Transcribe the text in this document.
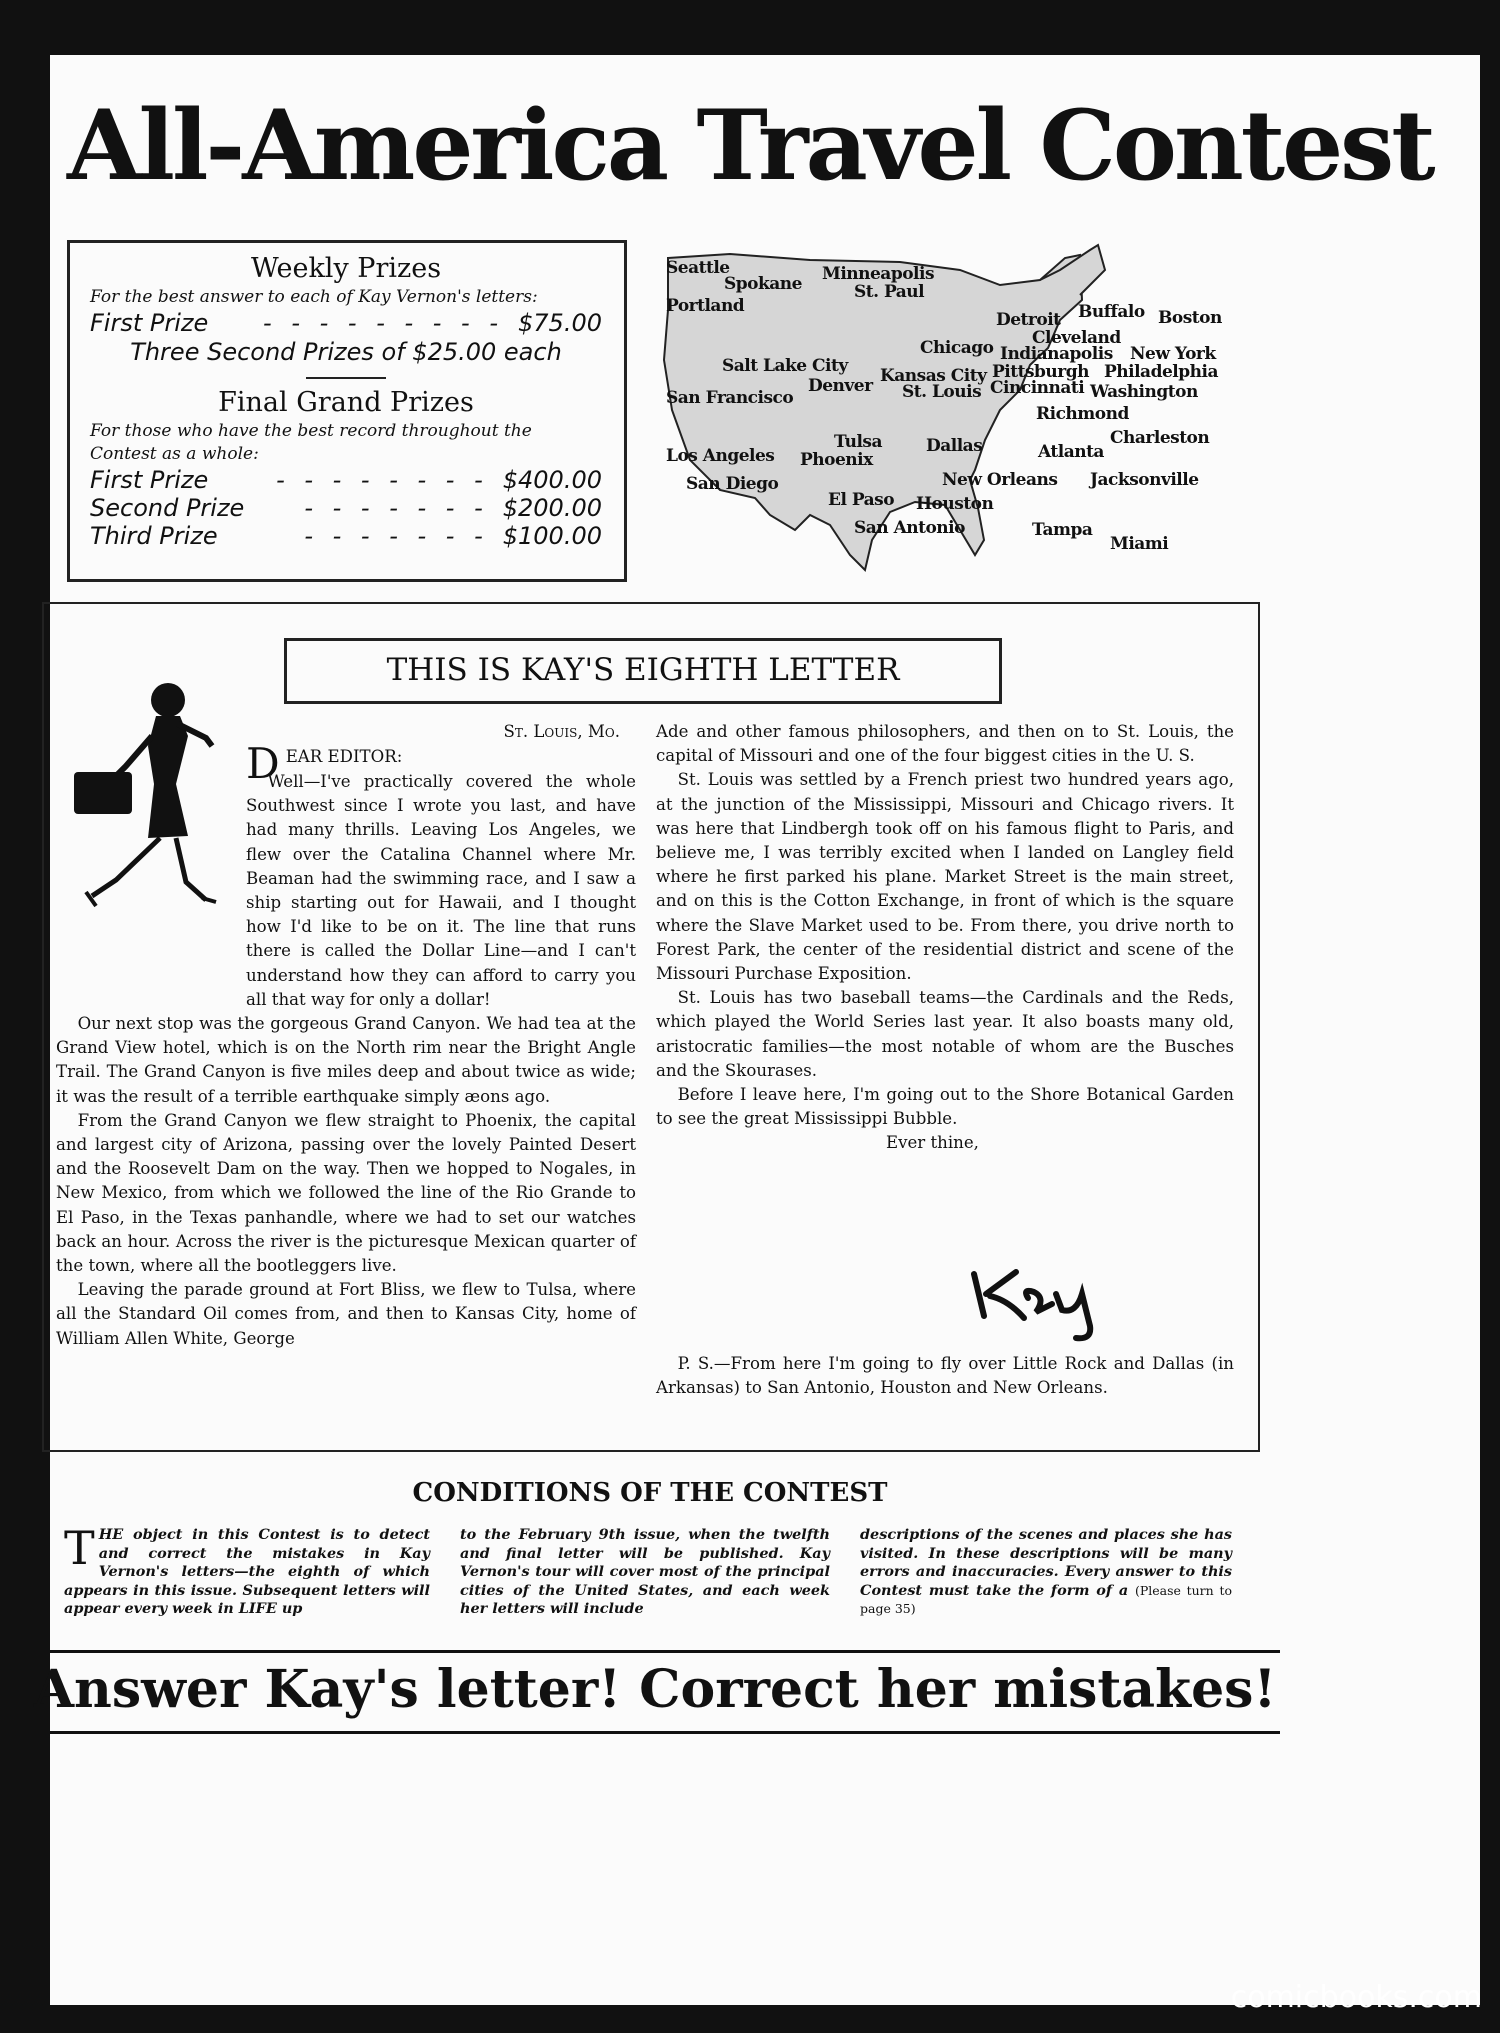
All-America Travel Contest
Weekly Prizes
For the best answer to each of Kay Vernon's letters:
First Prize	- - - - - - - - - $75.00
Three Second Prizes of $25.00 each
Final Grand Prizes
For those who have the best record throughout the Contest as a whole:
First Prize	- - - - - - - - $400.00
Second Prize	- - - - - - - $200.00
Third Prize	- - - - - - - $100.00
Seattle
Spokane Minneapolis
St. Paul
Portland
Detroit Buffalo Boston
Cleveland
Chicago Indianapolis New York
Salt Lake City Kansas City Pittsburgh Philadelphia
Denver
San Francisco	St. Louis Cincinnati Washington
Richmond
Tulsa	Charleston
Los Angeles Phoenix
Dallas	Atlanta
San Diego	New Orleans Jacksonville
El Paso Houston
San Antonio	Tampa
Miami
THIS IS KAY'S EIGHTH LETTER
St. Louis, Mo.

DEAR EDITOR:

Well—I've practically covered the whole Southwest since I wrote you last, and have had many thrills. Leaving Los Angeles, we flew over the Catalina Channel where Mr. Beaman had the swimming race, and I saw a ship starting out for Hawaii, and I thought how I'd like to be on it. The line that runs there is called the Dollar Line—and I can't understand how they can afford to carry you all that way for only a dollar!

Our next stop was the gorgeous Grand Canyon. We had tea at the Grand View hotel, which is on the North rim near the Bright Angle Trail. The Grand Canyon is five miles deep and about twice as wide; it was the result of a terrible earthquake simply æons ago.

From the Grand Canyon we flew straight to Phoenix, the capital and largest city of Arizona, passing over the lovely Painted Desert and the Roosevelt Dam on the way. Then we hopped to Nogales, in New Mexico, from which we followed the line of the Rio Grande to El Paso, in the Texas panhandle, where we had to set our watches back an hour. Across the river is the picturesque Mexican quarter of the town, where all the bootleggers live.

Leaving the parade ground at Fort Bliss, we flew to Tulsa, where all the Standard Oil comes from, and then to Kansas City, home of William Allen White, George

Ade and other famous philosophers, and then on to St. Louis, the capital of Missouri and one of the four biggest cities in the U. S.

St. Louis was settled by a French priest two hundred years ago, at the junction of the Mississippi, Missouri and Chicago rivers. It was here that Lindbergh took off on his famous flight to Paris, and believe me, I was terribly excited when I landed on Langley field where he first parked his plane. Market Street is the main street, and on this is the Cotton Exchange, in front of which is the square where the Slave Market used to be. From there, you drive north to Forest Park, the center of the residential district and scene of the Missouri Purchase Exposition.

St. Louis has two baseball teams—the Cardinals and the Reds, which played the World Series last year. It also boasts many old, aristocratic families—the most notable of whom are the Busches and the Skourases.

Before I leave here, I'm going out to the Shore Botanical Garden to see the great Mississippi Bubble.

Ever thine,

P. S.—From here I'm going to fly over Little Rock and Dallas (in Arkansas) to San Antonio, Houston and New Orleans.

CONDITIONS OF THE CONTEST
THE object in this Contest is to detect and correct the mistakes in Kay Vernon's letters—the eighth of which appears in this issue. Subsequent letters will appear every week in LIFE up
to the February 9th issue, when the twelfth and final letter will be published. Kay Vernon's tour will cover most of the principal cities of the United States, and each week her letters will include
descriptions of the scenes and places she has visited. In these descriptions will be many errors and inaccuracies. Every answer to this Contest must take the form of a (Please turn to page 35)

Answer Kay's letter! Correct her mistakes!

comicbooks.com
